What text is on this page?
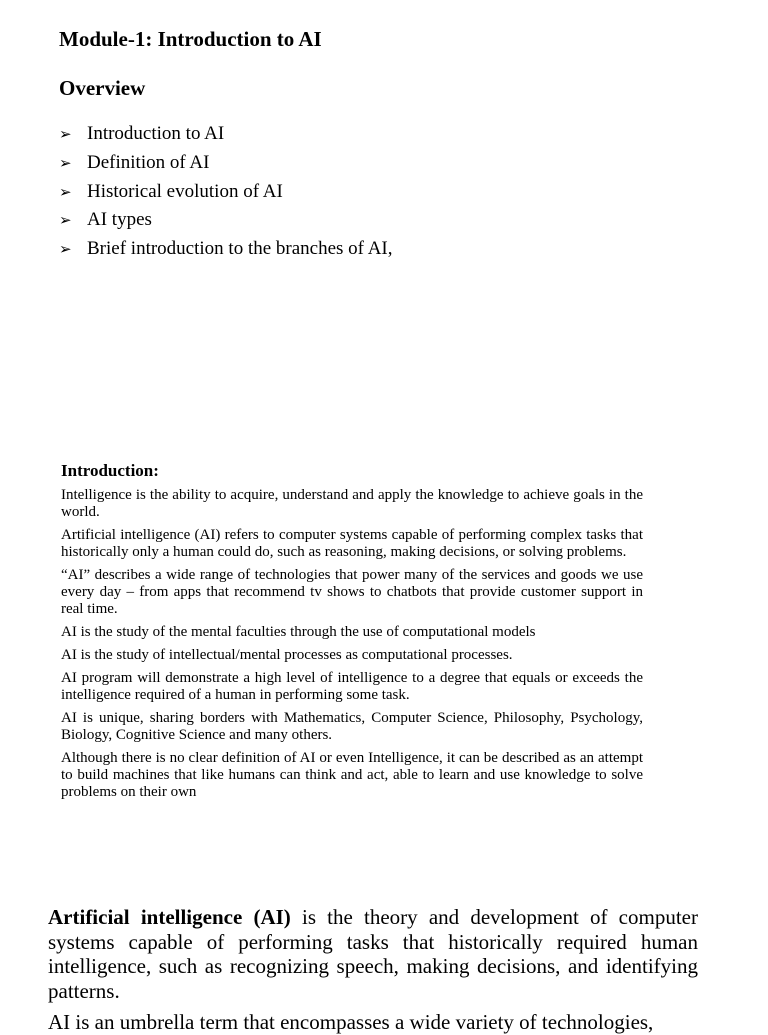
Module-1: Introduction to AI
Overview
➢ Introduction to AI
➢ Definition of AI
➢ Historical evolution of AI
➢ AI types
➢ Brief introduction to the branches of AI,
Introduction:

Intelligence is the ability to acquire, understand and apply the knowledge to achieve goals in the world.

Artificial intelligence (AI) refers to computer systems capable of performing complex tasks that historically only a human could do, such as reasoning, making decisions, or solving problems.

“AI” describes a wide range of technologies that power many of the services and goods we use every day – from apps that recommend tv shows to chatbots that provide customer support in real time.

AI is the study of the mental faculties through the use of computational models

AI is the study of intellectual/mental processes as computational processes.

AI program will demonstrate a high level of intelligence to a degree that equals or exceeds the intelligence required of a human in performing some task.

AI is unique, sharing borders with Mathematics, Computer Science, Philosophy, Psychology, Biology, Cognitive Science and many others.

Although there is no clear definition of AI or even Intelligence, it can be described as an attempt to build machines that like humans can think and act, able to learn and use knowledge to solve problems on their own

Artificial intelligence (AI) is the theory and development of computer systems capable of performing tasks that historically required human intelligence, such as recognizing speech, making decisions, and identifying patterns.

AI is an umbrella term that encompasses a wide variety of technologies,
